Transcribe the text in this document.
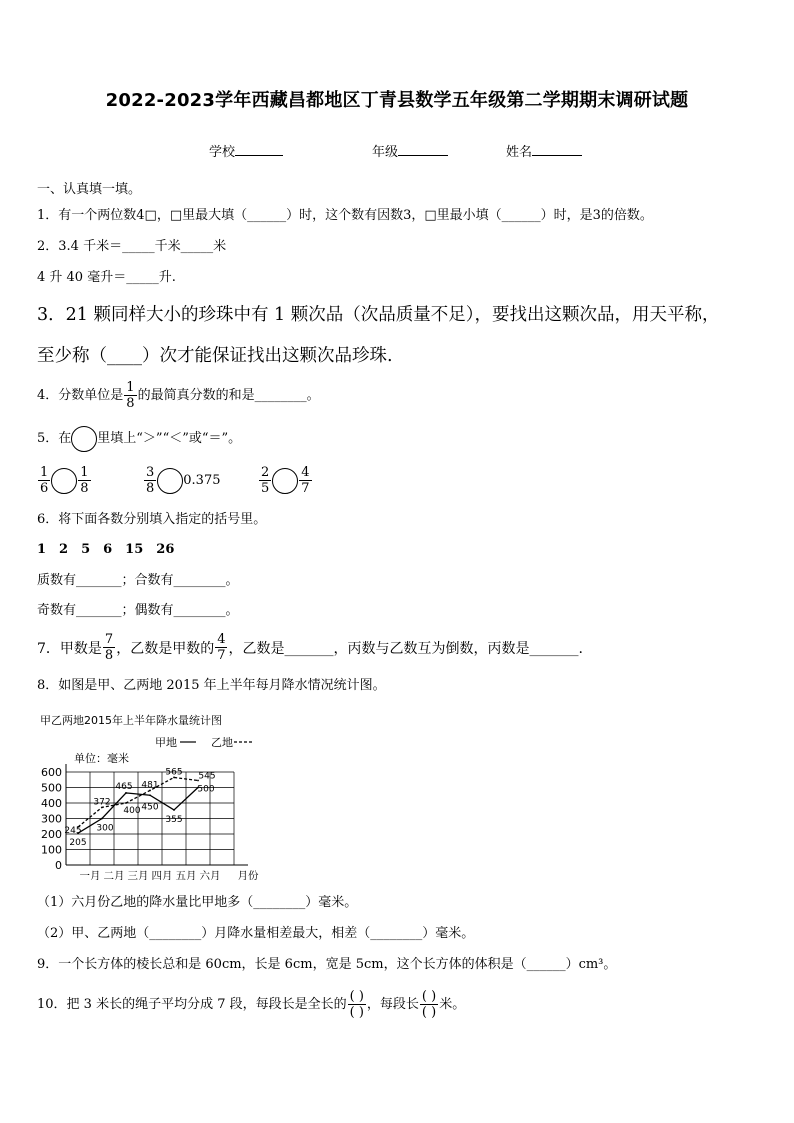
2022-2023学年西藏昌都地区丁青县数学五年级第二学期期末调研试题
学校	年级	姓名
一、认真填一填。
1．有一个两位数4□，□里最大填（______）时，这个数有因数3，□里最小填（______）时，是3的倍数。
2．3.4 千米＝_____千米_____米
4 升 40 毫升＝_____升.
3．21 颗同样大小的珍珠中有 1 颗次品（次品质量不足），要找出这颗次品，用天平称，
至少称（____）次才能保证找出这颗次品珍珠.
4．分数单位是 $\frac{1}{8}$ 的最简真分数的和是________。
5．在 里填上“＞”“＜”或“＝”。
$\frac{1}{6} \frac{1}{8}$	$\frac{3}{8} 0.375$	$\frac{2}{5} \frac{4}{7}$
6．将下面各数分别填入指定的括号里。
1　2　5　6　15　26
质数有_______；合数有________。
奇数有_______；偶数有________。
7．甲数是 $\frac{7}{8}$ ，乙数是甲数的 $\frac{4}{7}$ ，乙数是_______，丙数与乙数互为倒数，丙数是_______.
8．如图是甲、乙两地 2015 年上半年每月降水情况统计图。
甲乙两地2015年上半年降水量统计图
甲地	乙地
单位：毫米
0
100
200
300
400
500
600
一月 二月 三月 四月 五月 六月 月份
205
300
465
450
355
500
245
372
400
481
565 545
（1）六月份乙地的降水量比甲地多（________）毫米。
（2）甲、乙两地（________）月降水量相差最大，相差（________）毫米。
9．一个长方体的棱长总和是 60cm，长是 6cm，宽是 5cm，这个长方体的体积是（______）cm³。
10．把 3 米长的绳子平均分成 7 段，每段长是全长的 $\frac{( )}{( )}$ ，每段长 $\frac{( )}{( )}$ 米。
